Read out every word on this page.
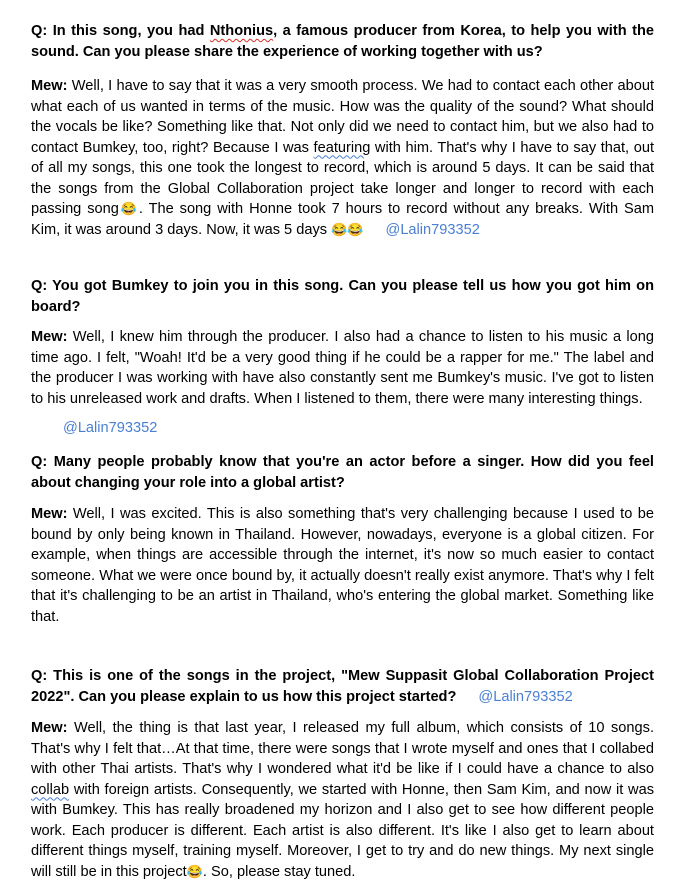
Q: In this song, you had Nthonius, a famous producer from Korea, to help you with the sound. Can you please share the experience of working together with us?

Mew: Well, I have to say that it was a very smooth process. We had to contact each other about what each of us wanted in terms of the music. How was the quality of the sound? What should the vocals be like? Something like that. Not only did we need to contact him, but we also had to contact Bumkey, too, right? Because I was featuring with him. That's why I have to say that, out of all my songs, this one took the longest to record, which is around 5 days. It can be said that the songs from the Global Collaboration project take longer and longer to record with each passing song😂. The song with Honne took 7 hours to record without any breaks. With Sam Kim, it was around 3 days. Now, it was 5 days 😂😂 @Lalin793352

Q: You got Bumkey to join you in this song. Can you please tell us how you got him on board?

Mew: Well, I knew him through the producer. I also had a chance to listen to his music a long time ago. I felt, "Woah! It'd be a very good thing if he could be a rapper for me." The label and the producer I was working with have also constantly sent me Bumkey's music. I've got to listen to his unreleased work and drafts. When I listened to them, there were many interesting things.

@Lalin793352

Q: Many people probably know that you're an actor before a singer. How did you feel about changing your role into a global artist?

Mew: Well, I was excited. This is also something that's very challenging because I used to be bound by only being known in Thailand. However, nowadays, everyone is a global citizen. For example, when things are accessible through the internet, it's now so much easier to contact someone. What we were once bound by, it actually doesn't really exist anymore. That's why I felt that it's challenging to be an artist in Thailand, who's entering the global market. Something like that.

Q: This is one of the songs in the project, "Mew Suppasit Global Collaboration Project 2022". Can you please explain to us how this project started? @Lalin793352

Mew: Well, the thing is that last year, I released my full album, which consists of 10 songs. That's why I felt that…At that time, there were songs that I wrote myself and ones that I collabed with other Thai artists. That's why I wondered what it'd be like if I could have a chance to also collab with foreign artists. Consequently, we started with Honne, then Sam Kim, and now it was with Bumkey. This has really broadened my horizon and I also get to see how different people work. Each producer is different. Each artist is also different. It's like I also get to learn about different things myself, training myself. Moreover, I get to try and do new things. My next single will still be in this project😂. So, please stay tuned.
